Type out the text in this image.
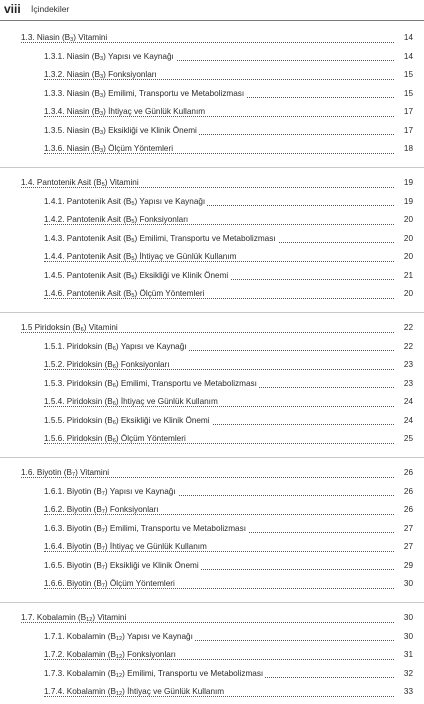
viii İçindekiler
1.3. Niasin (B3) Vitamini	14
1.3.1. Niasin (B3) Yapısı ve Kaynağı	14
1.3.2. Niasin (B3) Fonksiyonları	15
1.3.3. Niasin (B3) Emilimi, Transportu ve Metabolizması	15
1.3.4. Niasin (B3) İhtiyaç ve Günlük Kullanım	17
1.3.5. Niasin (B3) Eksikliği ve Klinik Önemi	17
1.3.6. Niasin (B3) Ölçüm Yöntemleri	18
1.4. Pantotenik Asit (B5) Vitamini	19
1.4.1. Pantotenik Asit (B5) Yapısı ve Kaynağı	19
1.4.2. Pantotenik Asit (B5) Fonksiyonları	20
1.4.3. Pantotenik Asit (B5) Emilimi, Transportu ve Metabolizması	20
1.4.4. Pantotenik Asit (B5) İhtiyaç ve Günlük Kullanım	20
1.4.5. Pantotenik Asit (B5) Eksikliği ve Klinik Önemi	21
1.4.6. Pantotenik Asit (B5) Ölçüm Yöntemleri	20
1.5 Piridoksin (B6) Vitamini	22
1.5.1. Piridoksin (B6) Yapısı ve Kaynağı	22
1.5.2. Piridoksin (B6) Fonksiyonları	23
1.5.3. Piridoksin (B6) Emilimi, Transportu ve Metabolizması	23
1.5.4. Piridoksin (B6) İhtiyaç ve Günlük Kullanım	24
1.5.5. Piridoksin (B6) Eksikliği ve Klinik Önemi	24
1.5.6. Piridoksin (B6) Ölçüm Yöntemleri	25
1.6. Biyotin (B7) Vitamini	26
1.6.1. Biyotin (B7) Yapısı ve Kaynağı	26
1.6.2. Biyotin (B7) Fonksiyonları	26
1.6.3. Biyotin (B7) Emilimi, Transportu ve Metabolizması	27
1.6.4. Biyotin (B7) İhtiyaç ve Günlük Kullanım	27
1.6.5. Biyotin (B7) Eksikliği ve Klinik Önemi	29
1.6.6. Biyotin (B7) Ölçüm Yöntemleri	30
1.7. Kobalamin (B12) Vitamini	30
1.7.1. Kobalamin (B12) Yapısı ve Kaynağı	30
1.7.2. Kobalamin (B12) Fonksiyonları	31
1.7.3. Kobalamin (B12) Emilimi, Transportu ve Metabolizması	32
1.7.4. Kobalamin (B12) İhtiyaç ve Günlük Kullanım	33
